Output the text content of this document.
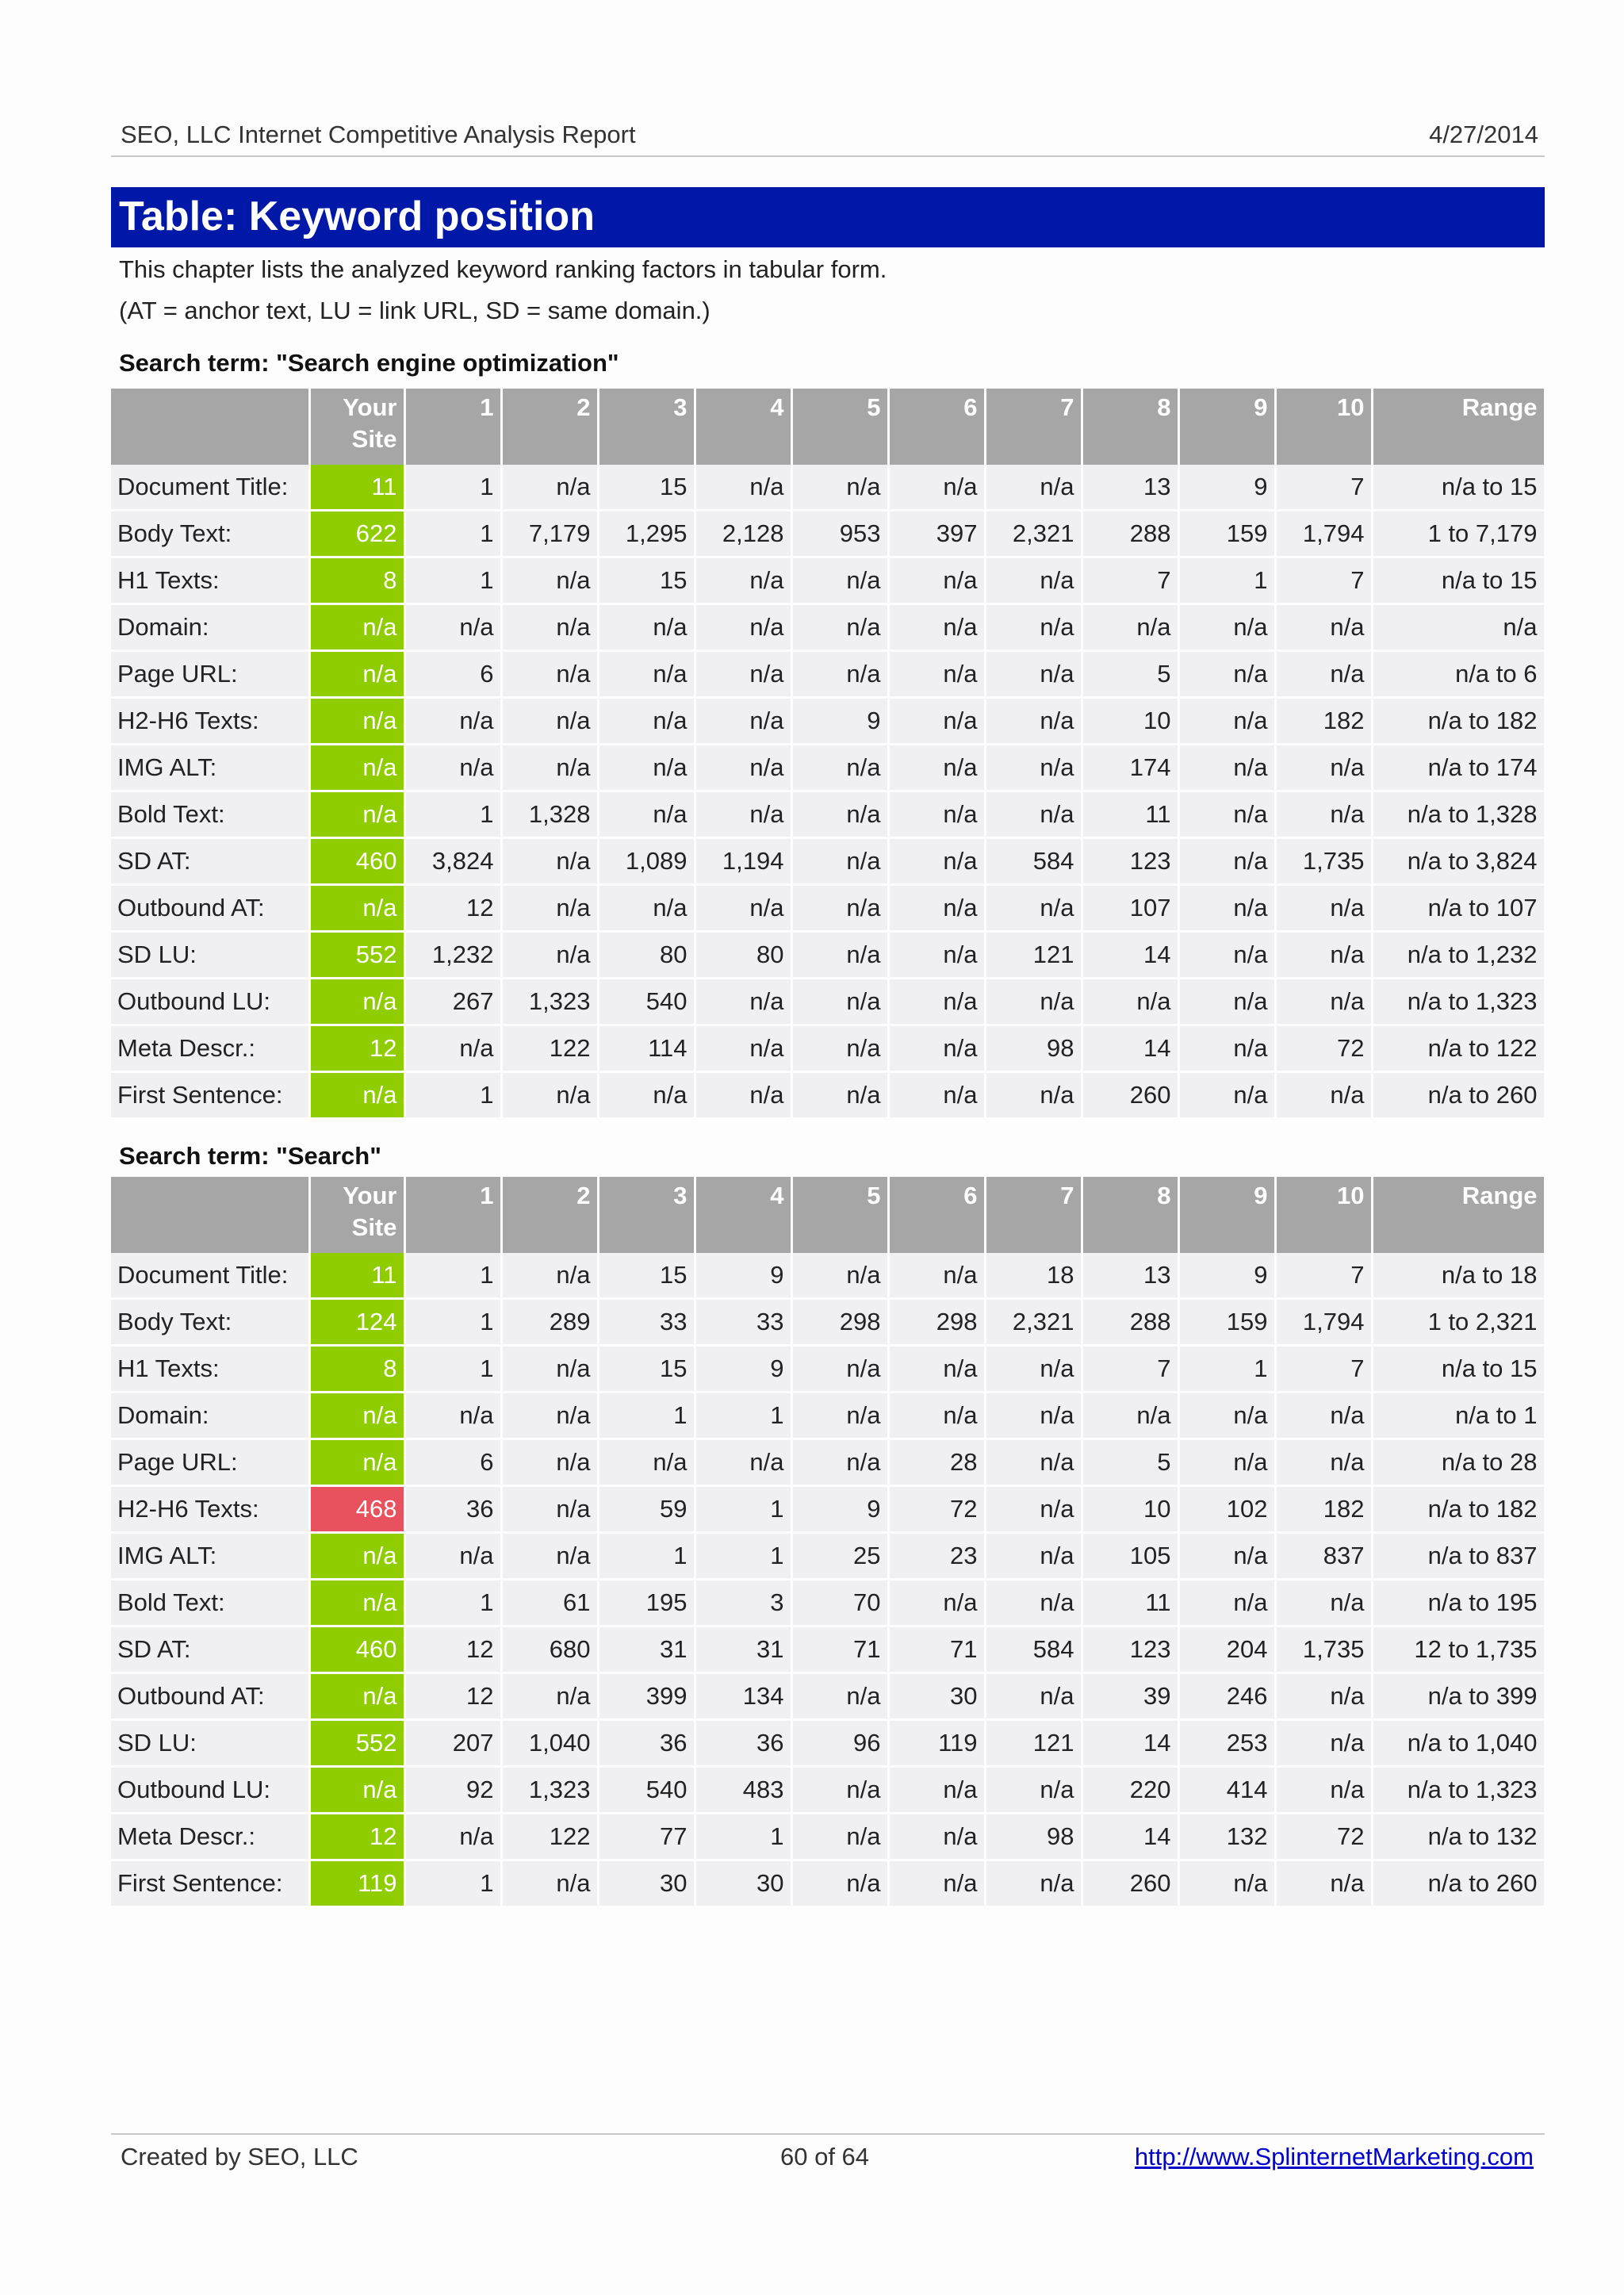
SEO, LLC Internet Competitive Analysis Report	4/27/2014
Table: Keyword position
This chapter lists the analyzed keyword ranking factors in tabular form.
(AT = anchor text, LU = link URL, SD = same domain.)
Search term: "Search engine optimization"
	Your Site	1	2	3	4	5	6	7	8	9	10	Range
Document Title:	11	1	n/a	15	n/a	n/a	n/a	n/a	13	9	7	n/a to 15
Body Text:	622	1	7,179	1,295	2,128	953	397	2,321	288	159	1,794	1 to 7,179
H1 Texts:	8	1	n/a	15	n/a	n/a	n/a	n/a	7	1	7	n/a to 15
Domain:	n/a	n/a	n/a	n/a	n/a	n/a	n/a	n/a	n/a	n/a	n/a	n/a
Page URL:	n/a	6	n/a	n/a	n/a	n/a	n/a	n/a	5	n/a	n/a	n/a to 6
H2-H6 Texts:	n/a	n/a	n/a	n/a	n/a	9	n/a	n/a	10	n/a	182	n/a to 182
IMG ALT:	n/a	n/a	n/a	n/a	n/a	n/a	n/a	n/a	174	n/a	n/a	n/a to 174
Bold Text:	n/a	1	1,328	n/a	n/a	n/a	n/a	n/a	11	n/a	n/a	n/a to 1,328
SD AT:	460	3,824	n/a	1,089	1,194	n/a	n/a	584	123	n/a	1,735	n/a to 3,824
Outbound AT:	n/a	12	n/a	n/a	n/a	n/a	n/a	n/a	107	n/a	n/a	n/a to 107
SD LU:	552	1,232	n/a	80	80	n/a	n/a	121	14	n/a	n/a	n/a to 1,232
Outbound LU:	n/a	267	1,323	540	n/a	n/a	n/a	n/a	n/a	n/a	n/a	n/a to 1,323
Meta Descr.:	12	n/a	122	114	n/a	n/a	n/a	98	14	n/a	72	n/a to 122
First Sentence:	n/a	1	n/a	n/a	n/a	n/a	n/a	n/a	260	n/a	n/a	n/a to 260
Search term: "Search"
	Your Site	1	2	3	4	5	6	7	8	9	10	Range
Document Title:	11	1	n/a	15	9	n/a	n/a	18	13	9	7	n/a to 18
Body Text:	124	1	289	33	33	298	298	2,321	288	159	1,794	1 to 2,321
H1 Texts:	8	1	n/a	15	9	n/a	n/a	n/a	7	1	7	n/a to 15
Domain:	n/a	n/a	n/a	1	1	n/a	n/a	n/a	n/a	n/a	n/a	n/a to 1
Page URL:	n/a	6	n/a	n/a	n/a	n/a	28	n/a	5	n/a	n/a	n/a to 28
H2-H6 Texts:	468	36	n/a	59	1	9	72	n/a	10	102	182	n/a to 182
IMG ALT:	n/a	n/a	n/a	1	1	25	23	n/a	105	n/a	837	n/a to 837
Bold Text:	n/a	1	61	195	3	70	n/a	n/a	11	n/a	n/a	n/a to 195
SD AT:	460	12	680	31	31	71	71	584	123	204	1,735	12 to 1,735
Outbound AT:	n/a	12	n/a	399	134	n/a	30	n/a	39	246	n/a	n/a to 399
SD LU:	552	207	1,040	36	36	96	119	121	14	253	n/a	n/a to 1,040
Outbound LU:	n/a	92	1,323	540	483	n/a	n/a	n/a	220	414	n/a	n/a to 1,323
Meta Descr.:	12	n/a	122	77	1	n/a	n/a	98	14	132	72	n/a to 132
First Sentence:	119	1	n/a	30	30	n/a	n/a	n/a	260	n/a	n/a	n/a to 260
Created by SEO, LLC	60 of 64	http://www.SplinternetMarketing.com
